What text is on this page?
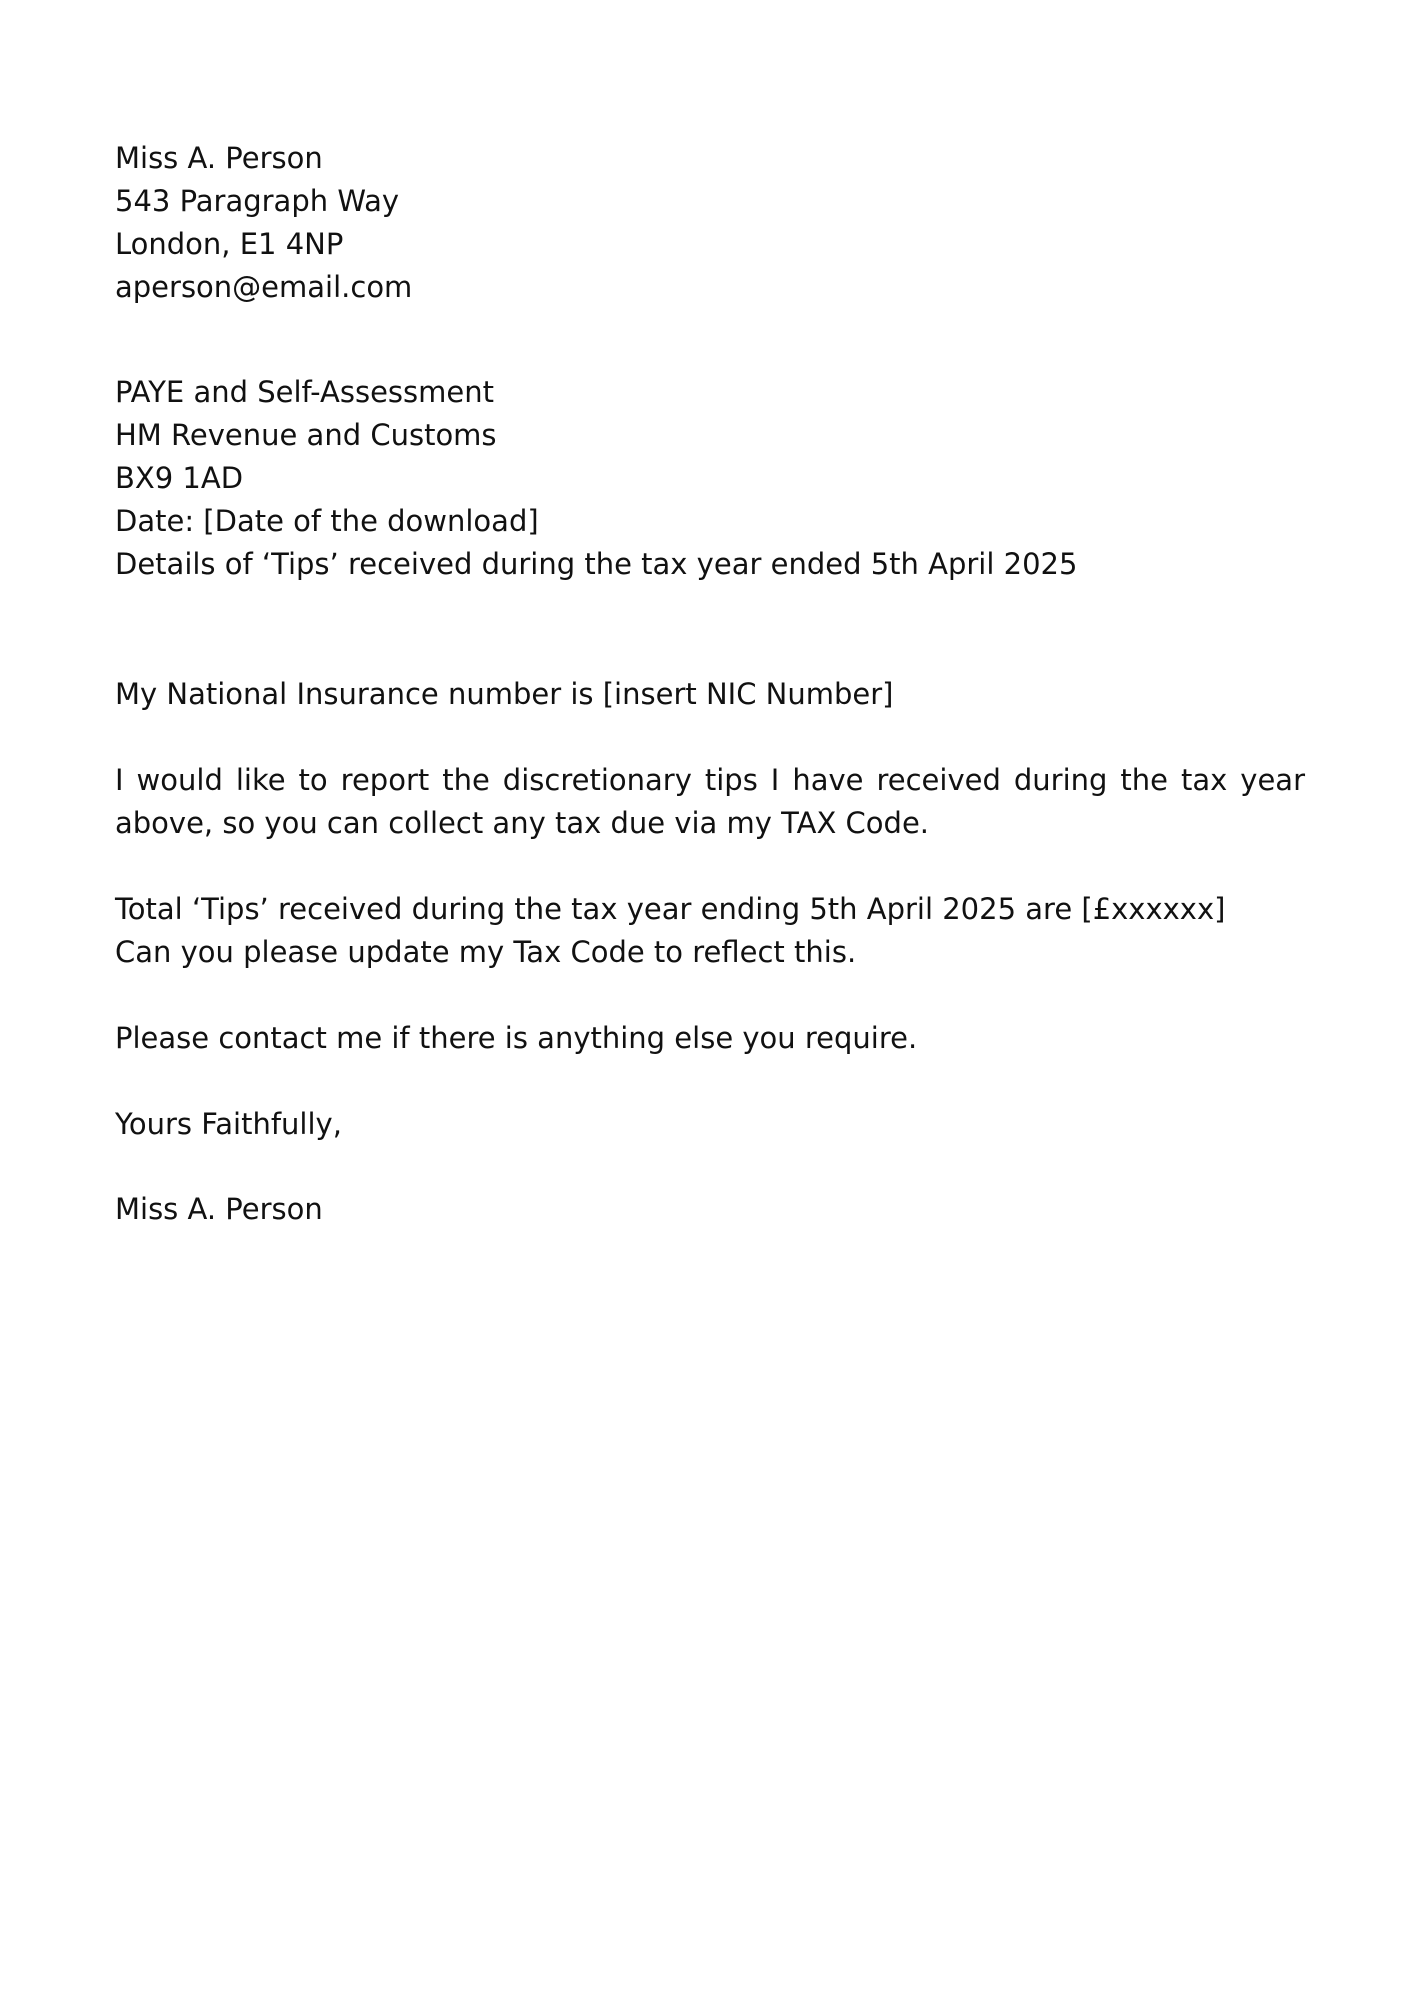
Miss A. Person
543 Paragraph Way
London, E1 4NP
aperson@email.com
PAYE and Self-Assessment
HM Revenue and Customs
BX9 1AD
Date: [Date of the download]
Details of ‘Tips’ received during the tax year ended 5th April 2025
My National Insurance number is [insert NIC Number]
I would like to report the discretionary tips I have received during the tax year above, so you can collect any tax due via my TAX Code.
Total ‘Tips’ received during the tax year ending 5th April 2025 are [£xxxxxx]
Can you please update my Tax Code to reflect this.
Please contact me if there is anything else you require.
Yours Faithfully,
Miss A. Person
